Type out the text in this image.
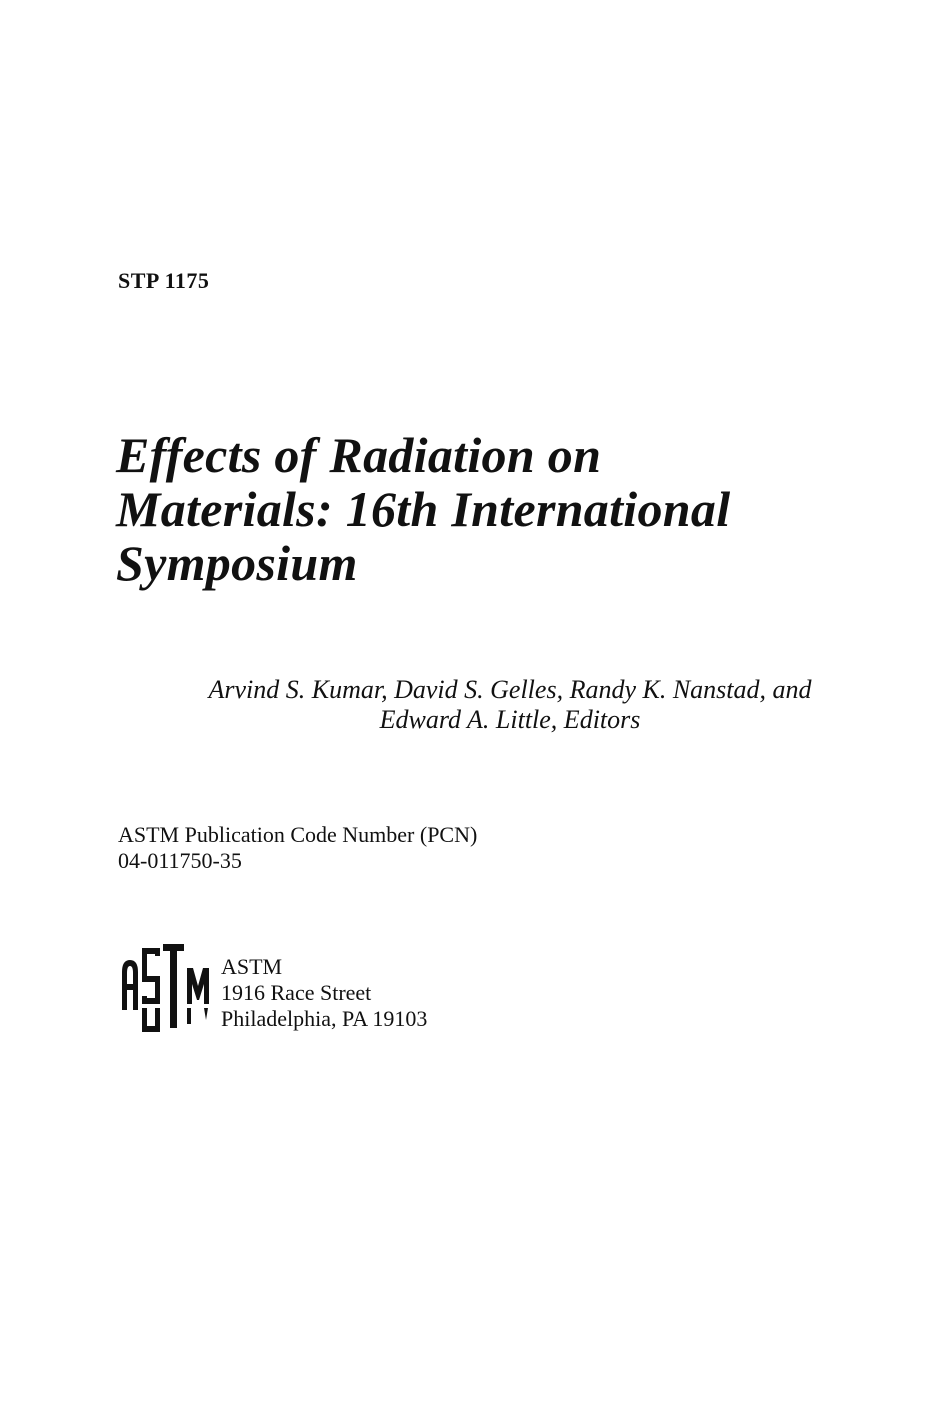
STP 1175
Effects of Radiation on
Materials: 16th International
Symposium
Arvind S. Kumar, David S. Gelles, Randy K. Nanstad, and
Edward A. Little, Editors
ASTM Publication Code Number (PCN)
04-011750-35
ASTM
1916 Race Street
Philadelphia, PA 19103
